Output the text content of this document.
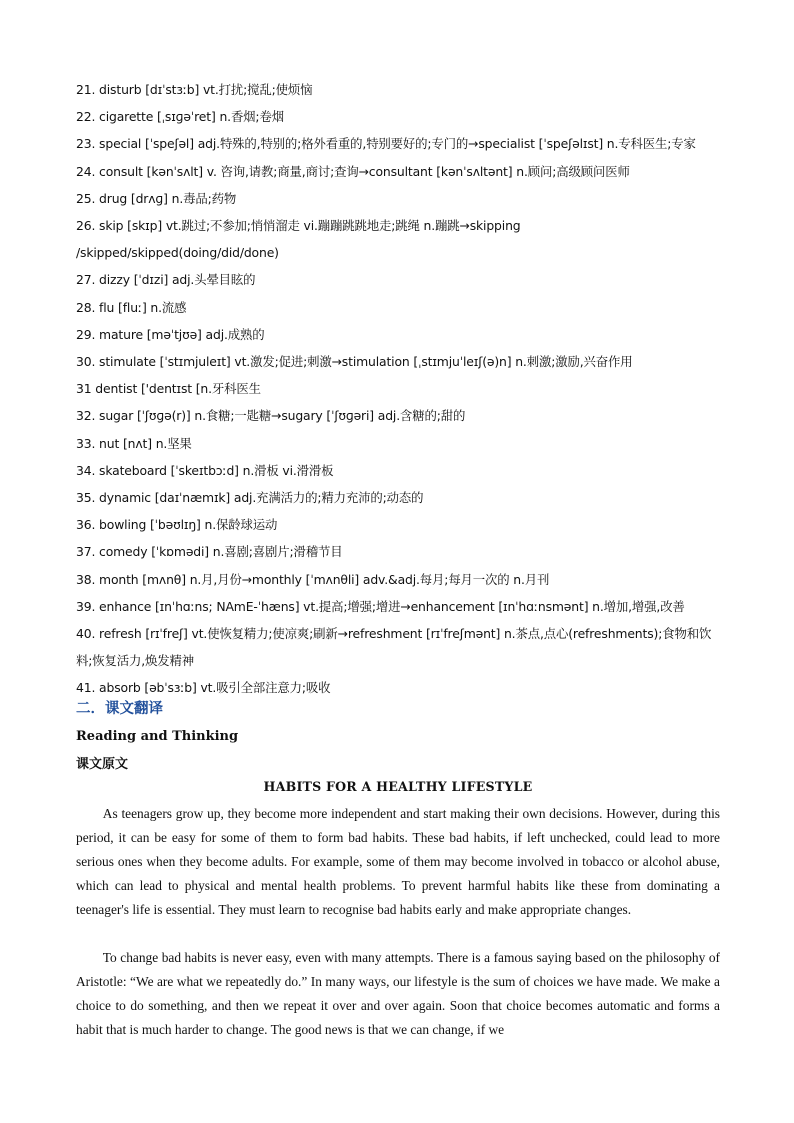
21. disturb [dɪˈstɜːb] vt.打扰;搅乱;使烦恼
22. cigarette [ˌsɪɡəˈret] n.香烟;卷烟
23. special [ˈspeʃəl] adj.特殊的,特别的;格外看重的,特别要好的;专门的→specialist [ˈspeʃəlɪst] n.专科医生;专家
24. consult [kənˈsʌlt] v. 咨询,请教;商量,商讨;查询→consultant [kənˈsʌltənt] n.顾问;高级顾问医师
25. drug [drʌɡ] n.毒品;药物
26. skip [skɪp] vt.跳过;不参加;悄悄溜走 vi.蹦蹦跳跳地走;跳绳 n.蹦跳→skipping /skipped/skipped(doing/did/done)
27. dizzy [ˈdɪzi] adj.头晕目眩的
28. flu [fluː] n.流感
29. mature [məˈtjʊə] adj.成熟的
30. stimulate [ˈstɪmjuleɪt] vt.激发;促进;刺激→stimulation [ˌstɪmjuˈleɪʃ(ə)n] n.刺激;激励,兴奋作用
31 dentist ['dentɪst [n.牙科医生
32. sugar [ˈʃʊɡə(r)] n.食糖;一匙糖→sugary [ˈʃʊɡəri] adj.含糖的;甜的
33. nut [nʌt] n.坚果
34. skateboard [ˈskeɪtbɔːd] n.滑板 vi.滑滑板
35. dynamic [daɪˈnæmɪk] adj.充满活力的;精力充沛的;动态的
36. bowling [ˈbəʊlɪŋ] n.保龄球运动
37. comedy [ˈkɒmədi] n.喜剧;喜剧片;滑稽节目
38. month [mʌnθ] n.月,月份→monthly [ˈmʌnθli] adv.&adj.每月;每月一次的 n.月刊
39. enhance [ɪnˈhɑːns; NAmE-ˈhæns] vt.提高;增强;增进→enhancement [ɪnˈhɑːnsmənt] n.增加,增强,改善
40. refresh [rɪˈfreʃ] vt.使恢复精力;使凉爽;刷新→refreshment [rɪˈfreʃmənt] n.茶点,点心(refreshments);食物和饮料;恢复活力,焕发精神
41. absorb [əbˈsɜːb] vt.吸引全部注意力;吸收
二．课文翻译
Reading and Thinking
课文原文
HABITS FOR A HEALTHY LIFESTYLE

As teenagers grow up, they become more independent and start making their own decisions. However, during this period, it can be easy for some of them to form bad habits. These bad habits, if left unchecked, could lead to more serious ones when they become adults. For example, some of them may become involved in tobacco or alcohol abuse, which can lead to physical and mental health problems. To prevent harmful habits like these from dominating a teenager's life is essential. They must learn to recognise bad habits early and make appropriate changes.

To change bad habits is never easy, even with many attempts. There is a famous saying based on the philosophy of Aristotle: “We are what we repeatedly do.” In many ways, our lifestyle is the sum of choices we have made. We make a choice to do something, and then we repeat it over and over again. Soon that choice becomes automatic and forms a habit that is much harder to change. The good news is that we can change, if we
